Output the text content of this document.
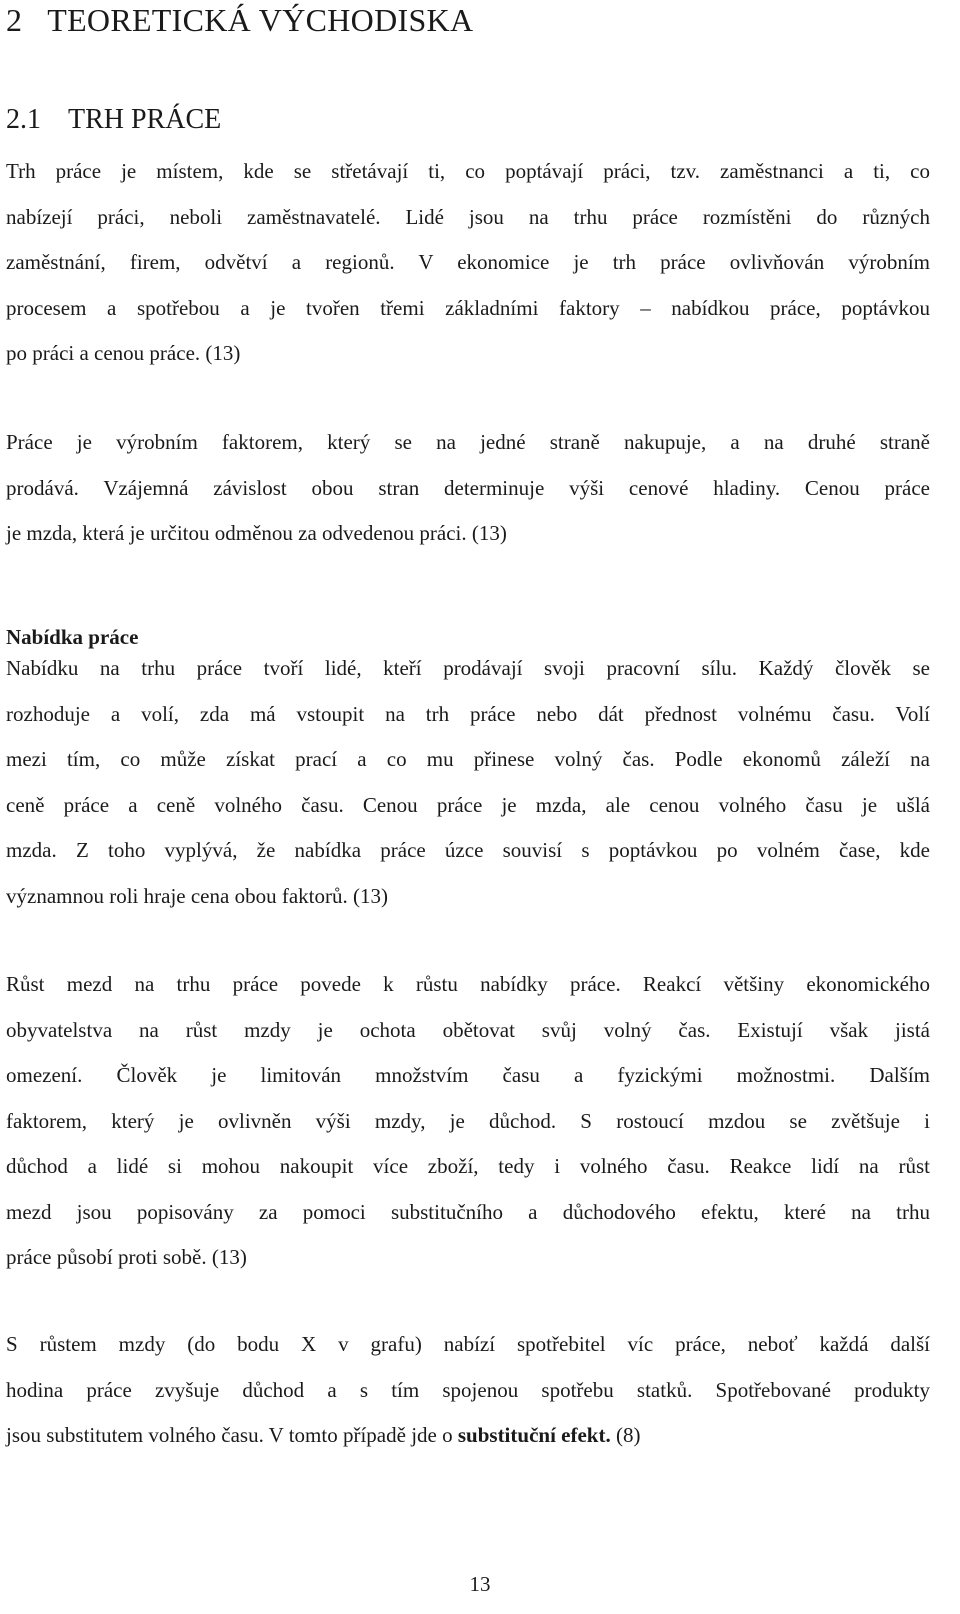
2 TEORETICKÁ VÝCHODISKA
2.1 TRH PRÁCE
Trh práce je místem, kde se střetávají ti, co poptávají práci, tzv. zaměstnanci a ti, co
nabízejí práci, neboli zaměstnavatelé. Lidé jsou na trhu práce rozmístěni do různých
zaměstnání, firem, odvětví a regionů. V ekonomice je trh práce ovlivňován výrobním
procesem a spotřebou a je tvořen třemi základními faktory – nabídkou práce, poptávkou
po práci a cenou práce. (13)
Práce je výrobním faktorem, který se na jedné straně nakupuje, a na druhé straně
prodává. Vzájemná závislost obou stran determinuje výši cenové hladiny. Cenou práce
je mzda, která je určitou odměnou za odvedenou práci. (13)
Nabídka práce
Nabídku na trhu práce tvoří lidé, kteří prodávají svoji pracovní sílu. Každý člověk se
rozhoduje a volí, zda má vstoupit na trh práce nebo dát přednost volnému času. Volí
mezi tím, co může získat prací a co mu přinese volný čas. Podle ekonomů záleží na
ceně práce a ceně volného času. Cenou práce je mzda, ale cenou volného času je ušlá
mzda. Z toho vyplývá, že nabídka práce úzce souvisí s poptávkou po volném čase, kde
významnou roli hraje cena obou faktorů. (13)
Růst mezd na trhu práce povede k růstu nabídky práce. Reakcí většiny ekonomického
obyvatelstva na růst mzdy je ochota obětovat svůj volný čas. Existují však jistá
omezení. Člověk je limitován množstvím času a fyzickými možnostmi. Dalším
faktorem, který je ovlivněn výši mzdy, je důchod. S rostoucí mzdou se zvětšuje i
důchod a lidé si mohou nakoupit více zboží, tedy i volného času. Reakce lidí na růst
mezd jsou popisovány za pomoci substitučního a důchodového efektu, které na trhu
práce působí proti sobě. (13)
S růstem mzdy (do bodu X v grafu) nabízí spotřebitel víc práce, neboť každá další
hodina práce zvyšuje důchod a s tím spojenou spotřebu statků. Spotřebované produkty
jsou substitutem volného času. V tomto případě jde o substituční efekt. (8)
13
